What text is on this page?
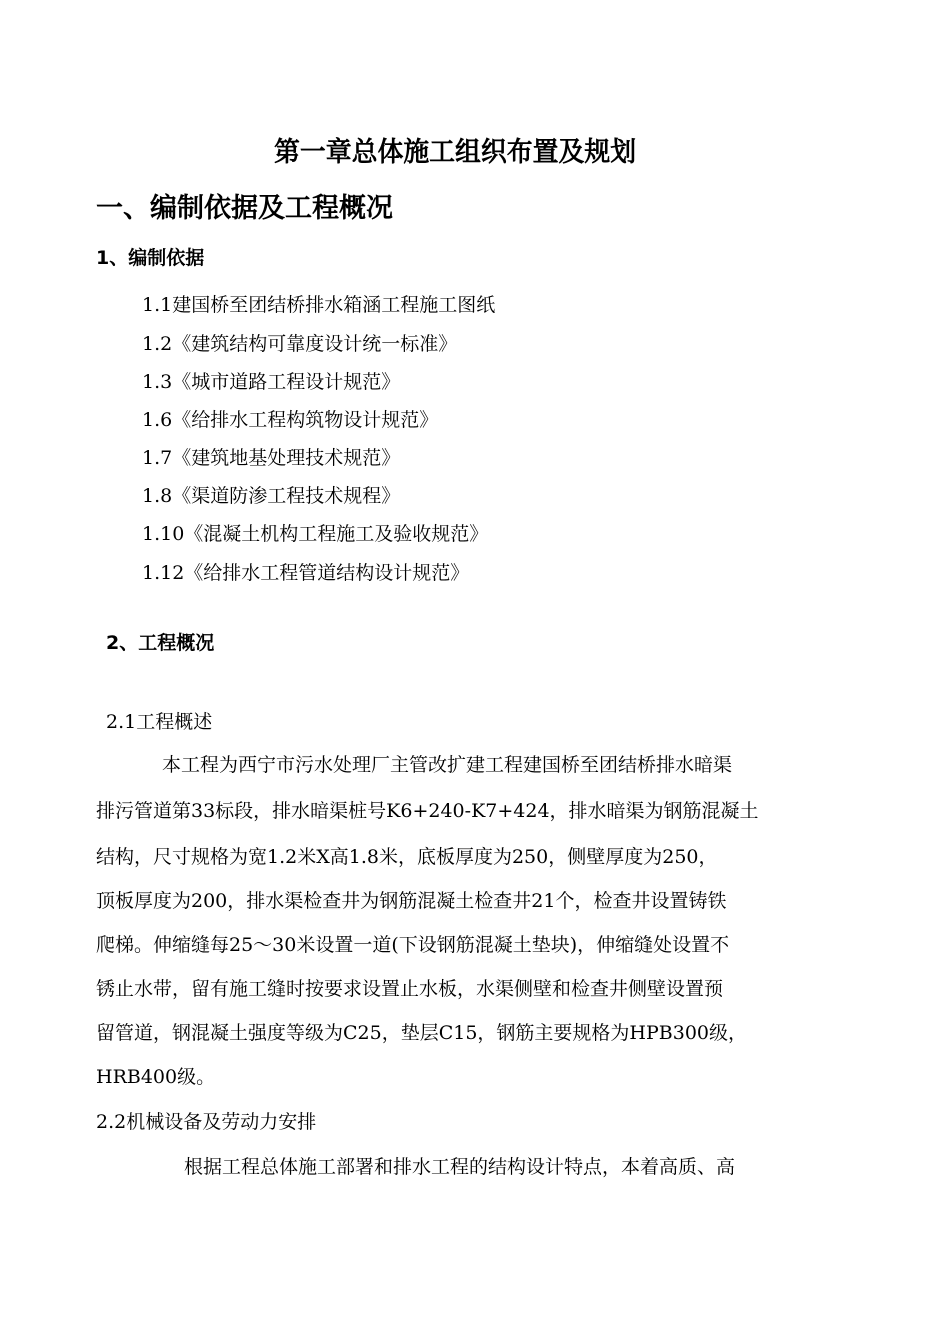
第一章总体施工组织布置及规划
一、编制依据及工程概况
1、编制依据
1.1建国桥至团结桥排水箱涵工程施工图纸
1.2《建筑结构可靠度设计统一标准》
1.3《城市道路工程设计规范》
1.6《给排水工程构筑物设计规范》
1.7《建筑地基处理技术规范》
1.8《渠道防渗工程技术规程》
1.10《混凝土机构工程施工及验收规范》
1.12《给排水工程管道结构设计规范》
2、工程概况
2.1工程概述
本工程为西宁市污水处理厂主管改扩建工程建国桥至团结桥排水暗渠
排污管道第33标段，排水暗渠桩号K6+240-K7+424，排水暗渠为钢筋混凝土
结构，尺寸规格为宽1.2米X高1.8米，底板厚度为250，侧壁厚度为250，
顶板厚度为200，排水渠检查井为钢筋混凝土检查井21个，检查井设置铸铁
爬梯。伸缩缝每25～30米设置一道(下设钢筋混凝土垫块)，伸缩缝处设置不
锈止水带，留有施工缝时按要求设置止水板，水渠侧壁和检查井侧壁设置预
留管道，钢混凝土强度等级为C25，垫层C15，钢筋主要规格为HPB300级，
HRB400级。
2.2机械设备及劳动力安排
根据工程总体施工部署和排水工程的结构设计特点，本着高质、高
